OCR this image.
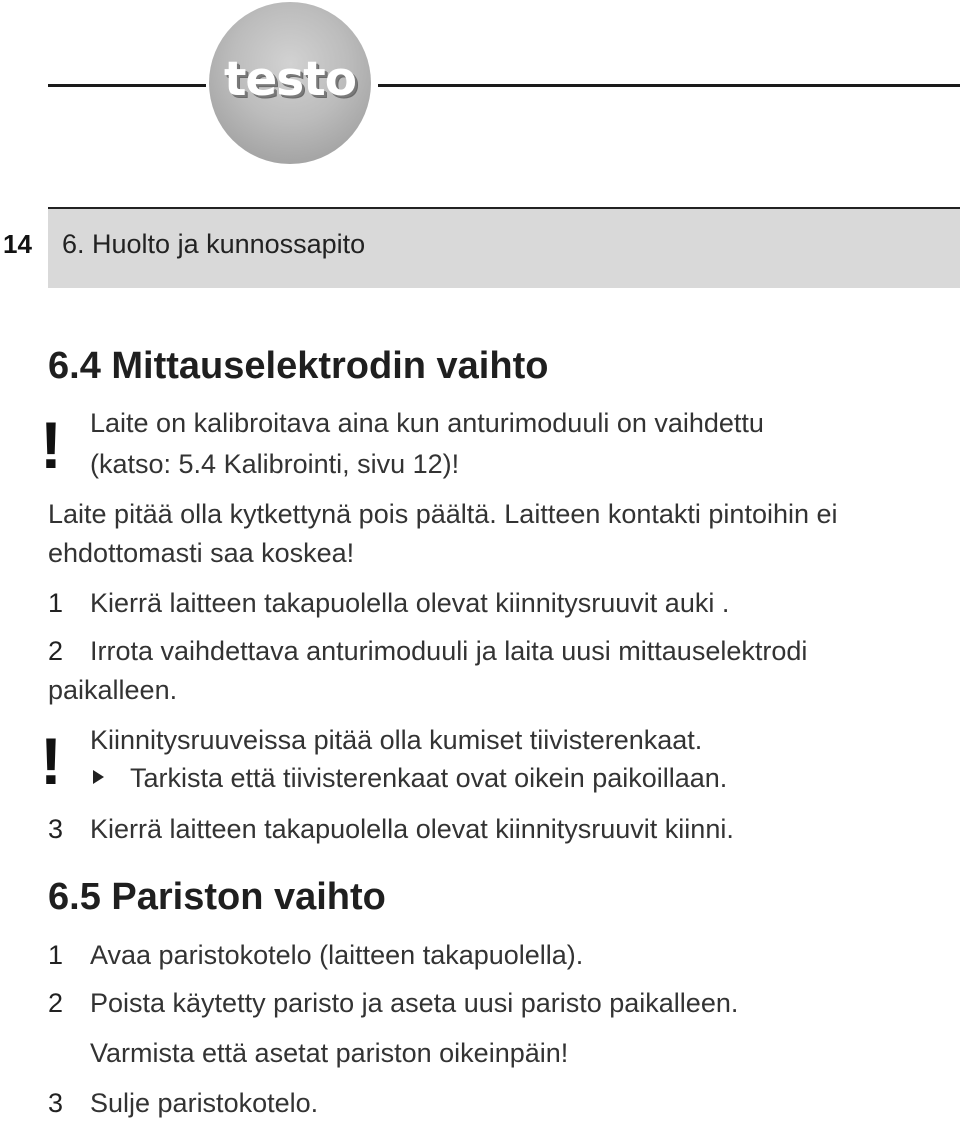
testo
14 6. Huolto ja kunnossapito
6.4 Mittauselektrodin vaihto
! Laite on kalibroitava aina kun anturimoduuli on vaihdettu
(katso: 5.4 Kalibrointi, sivu 12)!
Laite pitää olla kytkettynä pois päältä. Laitteen kontakti pintoihin ei
ehdottomasti saa koskea!
1 Kierrä laitteen takapuolella olevat kiinnitysruuvit auki .
2 Irrota vaihdettava anturimoduuli ja laita uusi mittauselektrodi
paikalleen.
! Kiinnitysruuveissa pitää olla kumiset tiivisterenkaat.
Tarkista että tiivisterenkaat ovat oikein paikoillaan.
3 Kierrä laitteen takapuolella olevat kiinnitysruuvit kiinni.
6.5 Pariston vaihto
1 Avaa paristokotelo (laitteen takapuolella).
2 Poista käytetty paristo ja aseta uusi paristo paikalleen.
Varmista että asetat pariston oikeinpäin!
3 Sulje paristokotelo.
